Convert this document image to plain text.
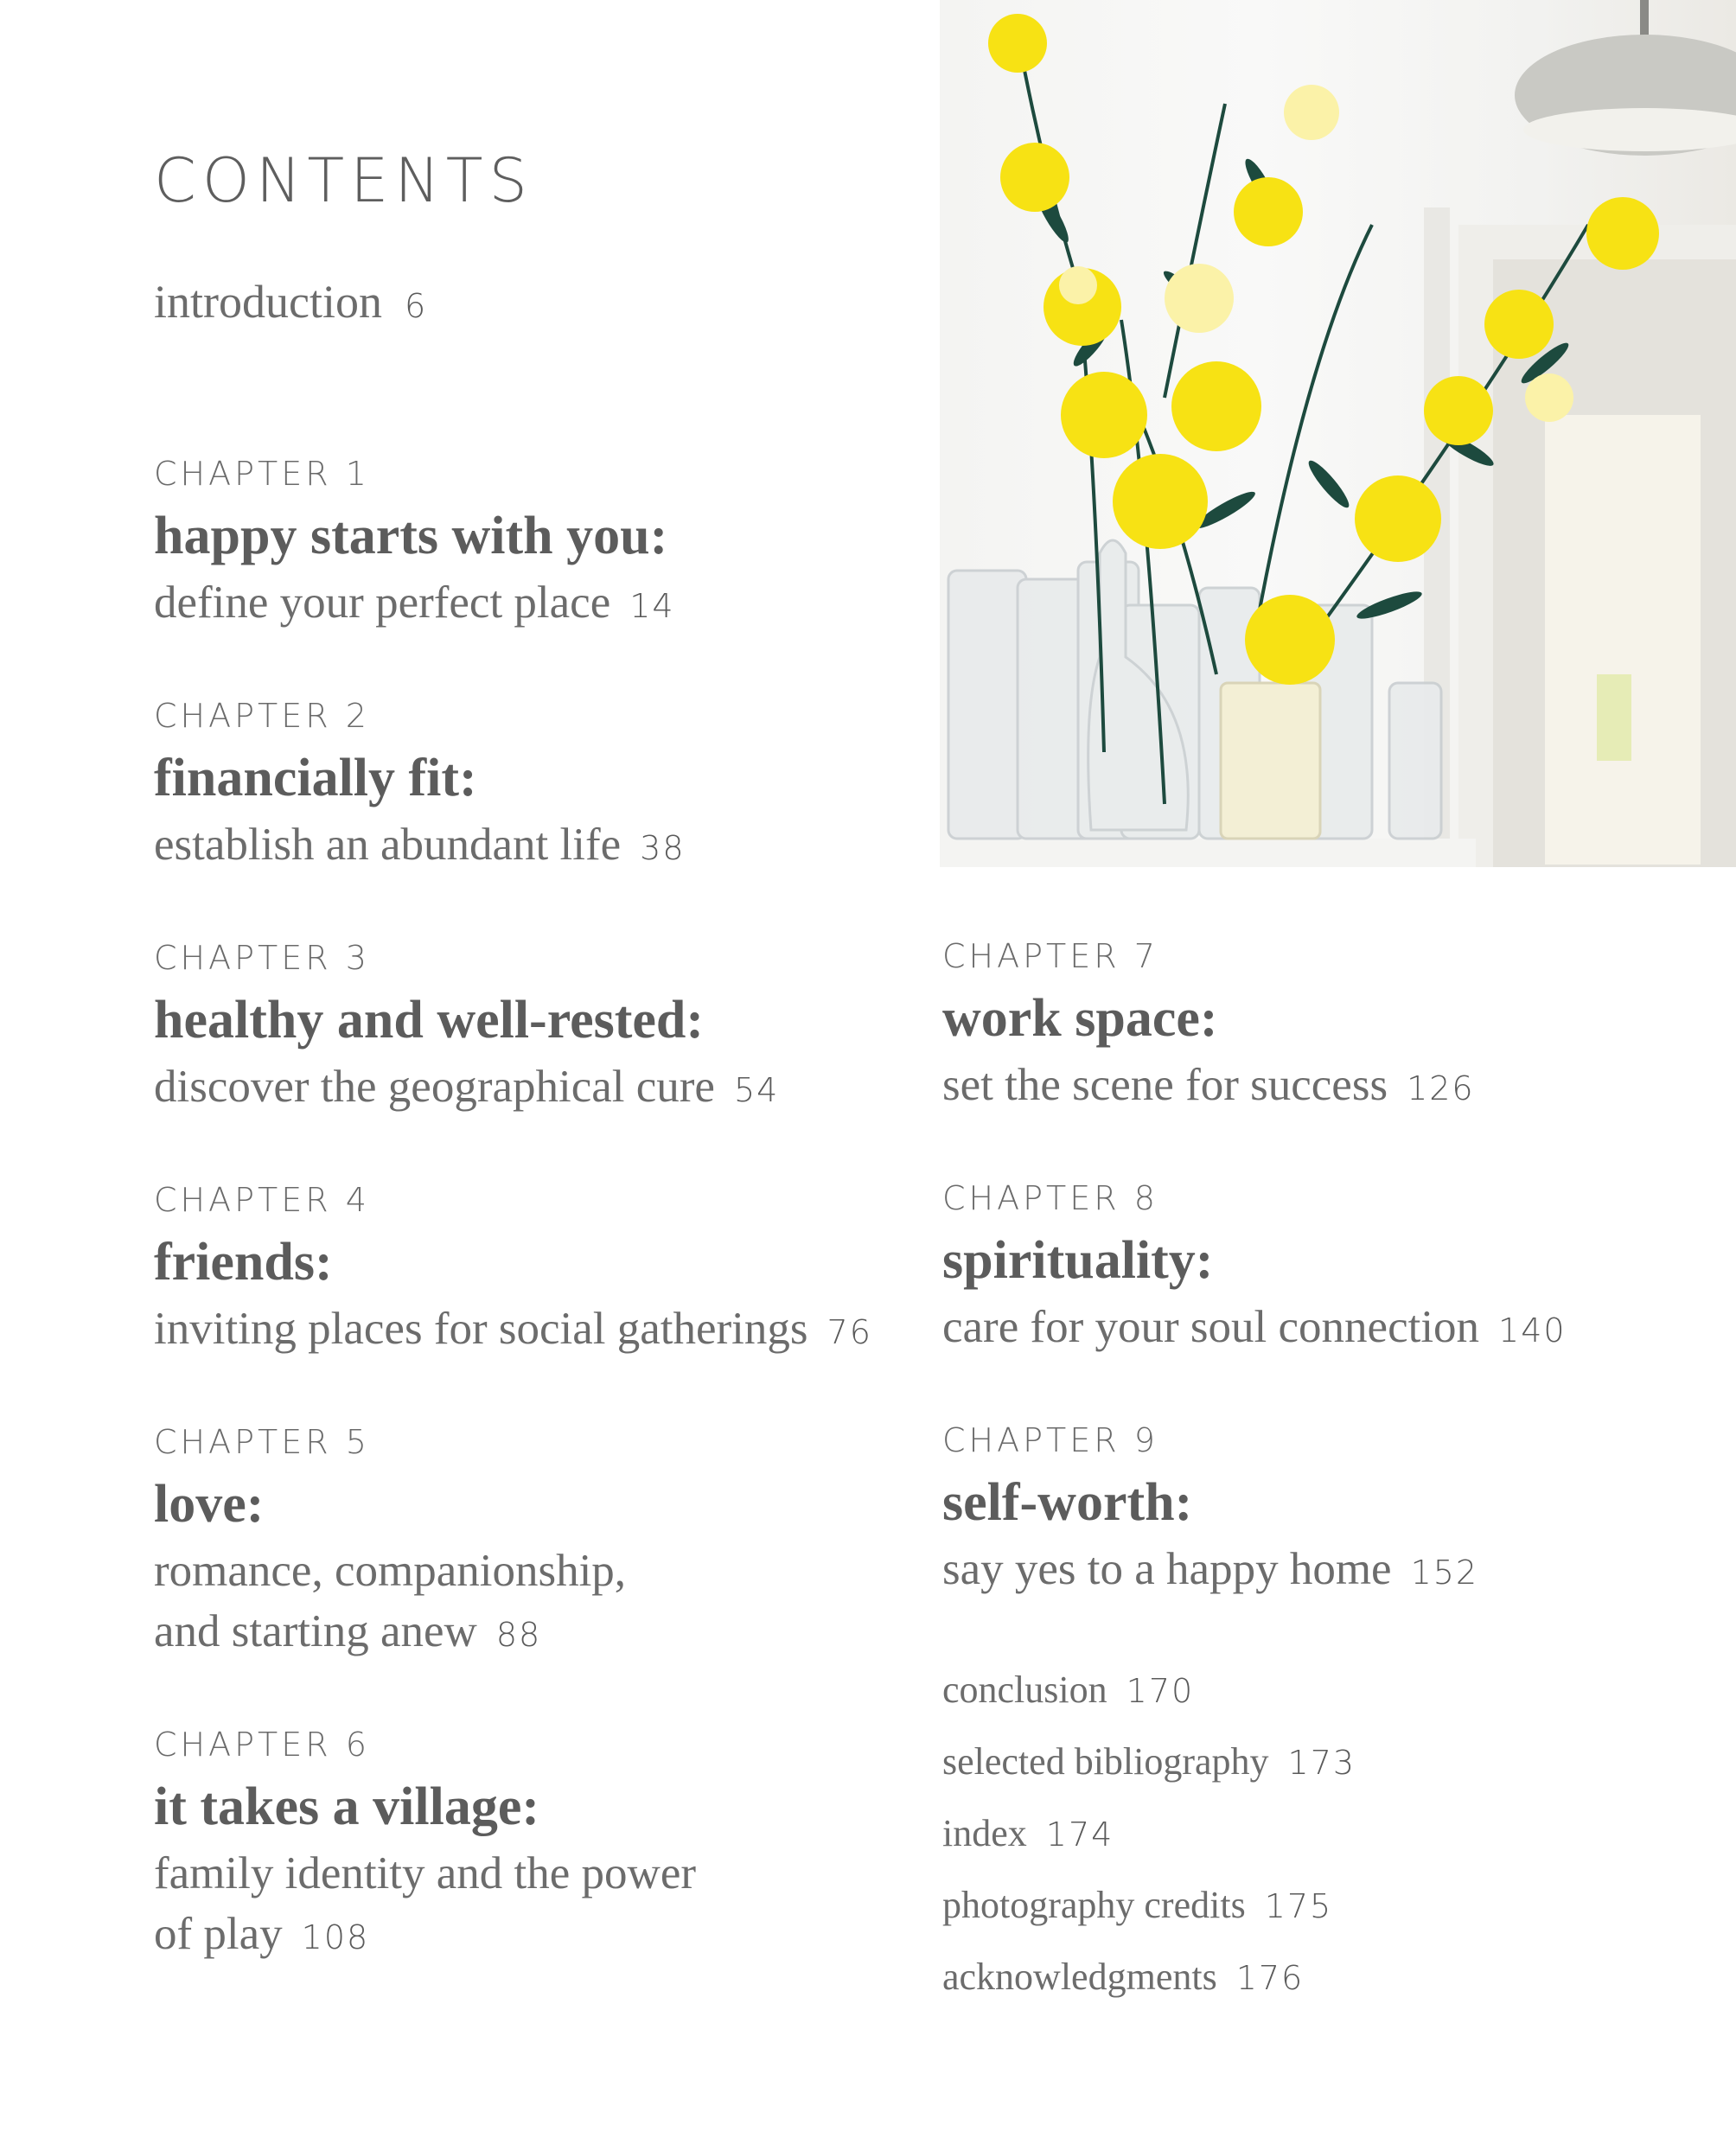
CONTENTS
introduction 6
CHAPTER 1
happy starts with you:
define your perfect place 14
CHAPTER 2
financially fit:
establish an abundant life 38
CHAPTER 3
healthy and well-rested:
discover the geographical cure 54
CHAPTER 4
friends:
inviting places for social gatherings 76
CHAPTER 5
love:
romance, companionship,
and starting anew 88
CHAPTER 6
it takes a village:
family identity and the power
of play 108
CHAPTER 7
work space:
set the scene for success 126
CHAPTER 8
spirituality:
care for your soul connection 140
CHAPTER 9
self-worth:
say yes to a happy home 152
conclusion 170
selected bibliography 173
index 174
photography credits 175
acknowledgments 176
